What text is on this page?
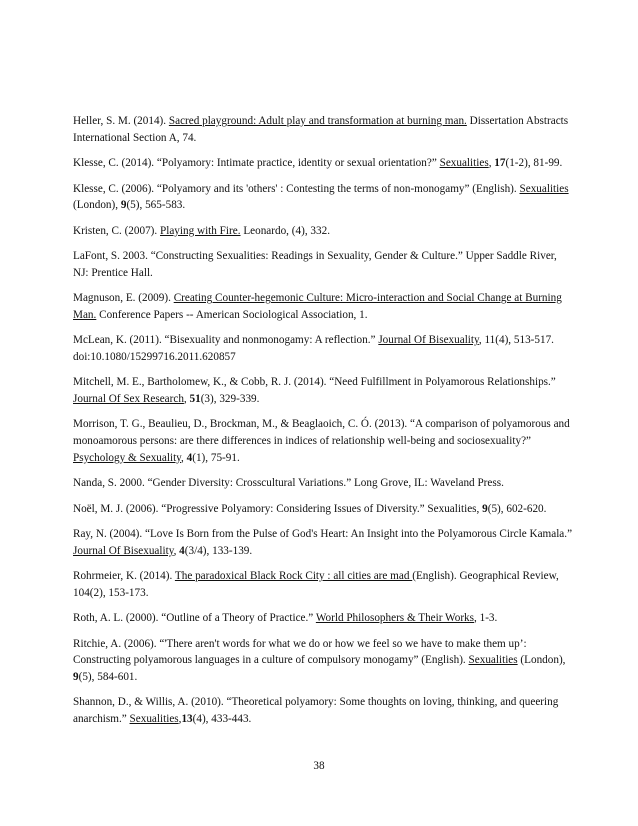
Heller, S. M. (2014). Sacred playground: Adult play and transformation at burning man. Dissertation Abstracts International Section A, 74.

Klesse, C. (2014). “Polyamory: Intimate practice, identity or sexual orientation?” Sexualities, 17(1-2), 81-99.

Klesse, C. (2006). “Polyamory and its 'others' : Contesting the terms of non-monogamy” (English). Sexualities (London), 9(5), 565-583.

Kristen, C. (2007). Playing with Fire. Leonardo, (4), 332.

LaFont, S. 2003. “Constructing Sexualities: Readings in Sexuality, Gender & Culture.” Upper Saddle River, NJ: Prentice Hall.

Magnuson, E. (2009). Creating Counter-hegemonic Culture: Micro-interaction and Social Change at Burning Man. Conference Papers -- American Sociological Association, 1.

McLean, K. (2011). “Bisexuality and nonmonogamy: A reflection.” Journal Of Bisexuality, 11(4), 513-517. doi:10.1080/15299716.2011.620857

Mitchell, M. E., Bartholomew, K., & Cobb, R. J. (2014). “Need Fulfillment in Polyamorous Relationships.” Journal Of Sex Research, 51(3), 329-339.

Morrison, T. G., Beaulieu, D., Brockman, M., & Beaglaoich, C. Ó. (2013). “A comparison of polyamorous and monoamorous persons: are there differences in indices of relationship well-being and sociosexuality?” Psychology & Sexuality, 4(1), 75-91.

Nanda, S. 2000. “Gender Diversity: Crosscultural Variations.” Long Grove, IL: Waveland Press.

Noël, M. J. (2006). “Progressive Polyamory: Considering Issues of Diversity.” Sexualities, 9(5), 602-620.

Ray, N. (2004). “Love Is Born from the Pulse of God's Heart: An Insight into the Polyamorous Circle Kamala.” Journal Of Bisexuality, 4(3/4), 133-139.

Rohrmeier, K. (2014). The paradoxical Black Rock City : all cities are mad (English). Geographical Review, 104(2), 153-173.

Roth, A. L. (2000). “Outline of a Theory of Practice.” World Philosophers & Their Works, 1-3.

Ritchie, A. (2006). “'There aren't words for what we do or how we feel so we have to make them up’: Constructing polyamorous languages in a culture of compulsory monogamy” (English). Sexualities (London), 9(5), 584-601.

Shannon, D., & Willis, A. (2010). “Theoretical polyamory: Some thoughts on loving, thinking, and queering anarchism.” Sexualities,13(4), 433-443.

38
